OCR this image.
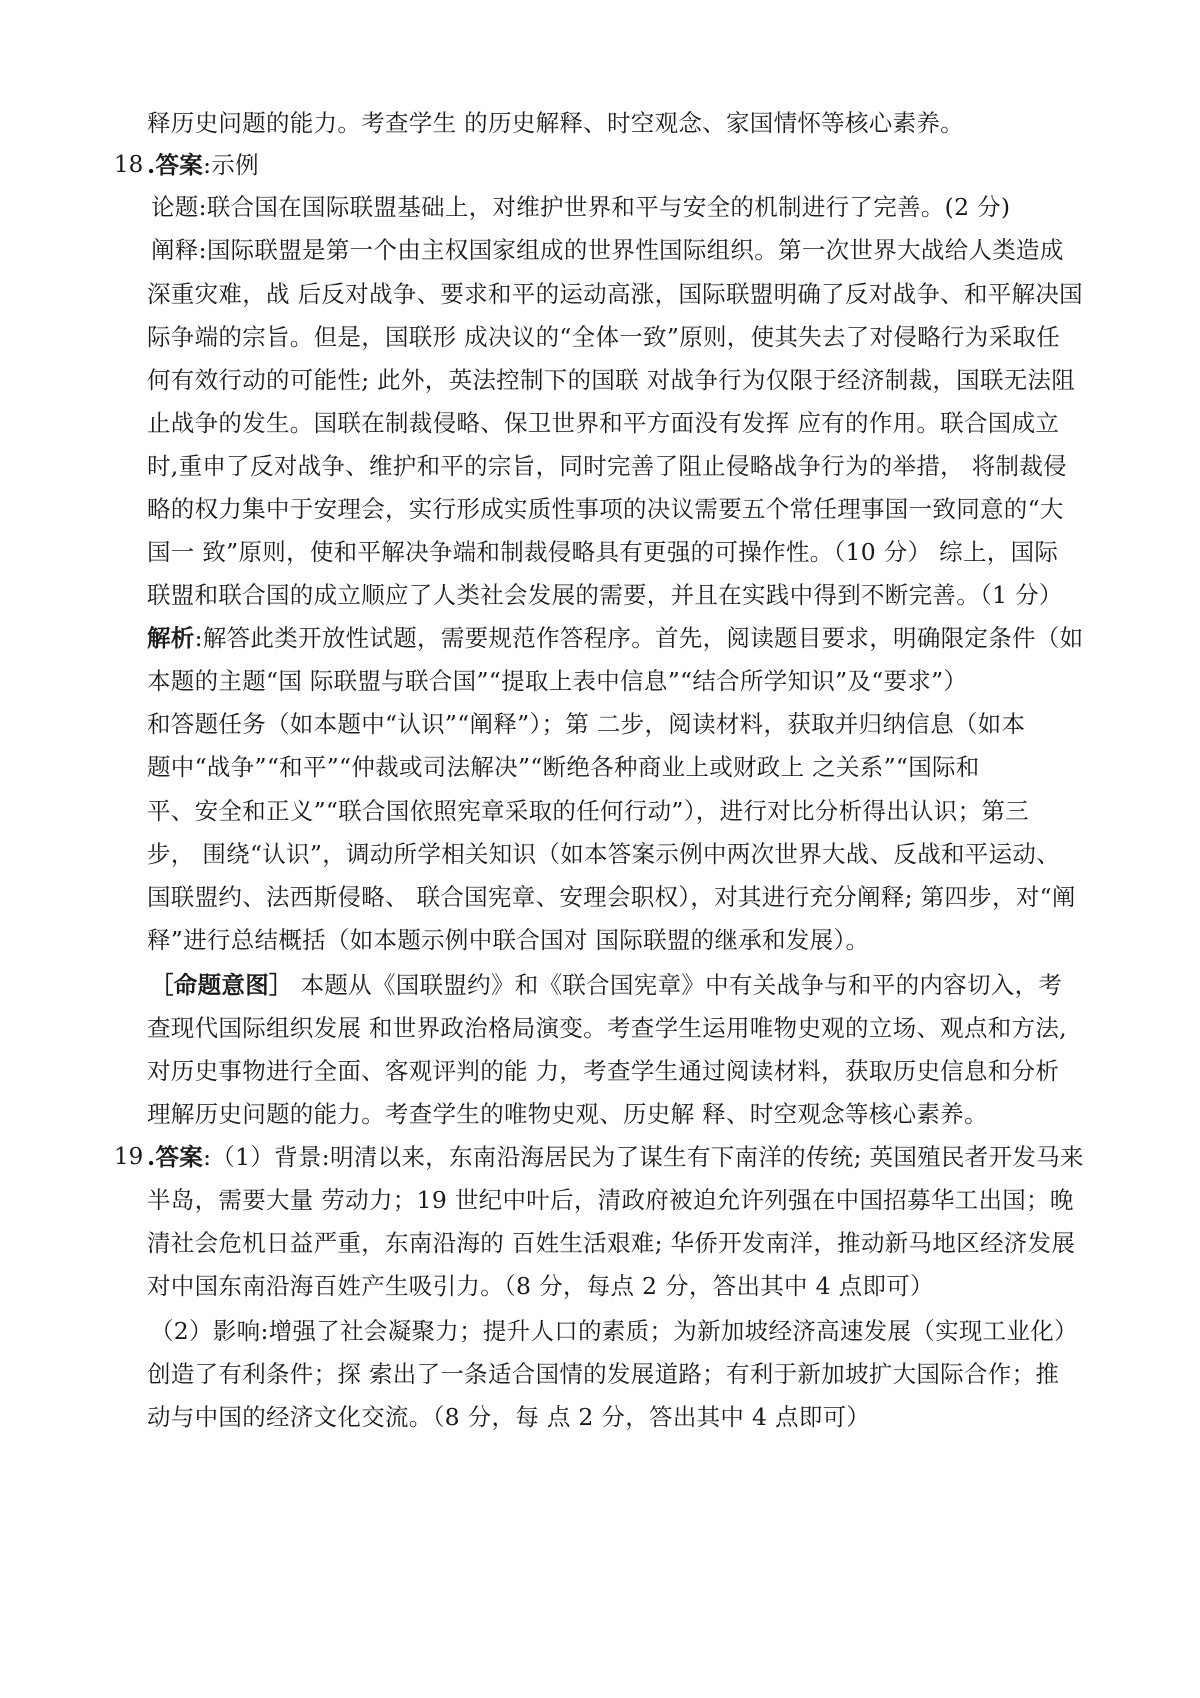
释历史问题的能力。考查学生 的历史解释、时空观念、家国情怀等核心素养。
18 .答案:示例
论题:联合国在国际联盟基础上，对维护世界和平与安全的机制进行了完善。(2 分)
阐释:国际联盟是第一个由主权国家组成的世界性国际组织。第一次世界大战给人类造成
深重灾难，战 后反对战争、要求和平的运动高涨，国际联盟明确了反对战争、和平解决国
际争端的宗旨。但是，国联形 成决议的“全体一致”原则，使其失去了对侵略行为采取任
何有效行动的可能性; 此外，英法控制下的国联 对战争行为仅限于经济制裁，国联无法阻
止战争的发生。国联在制裁侵略、保卫世界和平方面没有发挥 应有的作用。联合国成立
时,重申了反对战争、维护和平的宗旨，同时完善了阻止侵略战争行为的举措， 将制裁侵
略的权力集中于安理会，实行形成实质性事项的决议需要五个常任理事国一致同意的“大
国一 致”原则，使和平解决争端和制裁侵略具有更强的可操作性。（10 分） 综上，国际
联盟和联合国的成立顺应了人类社会发展的需要，并且在实践中得到不断完善。（1 分）
解析:解答此类开放性试题，需要规范作答程序。首先，阅读题目要求，明确限定条件（如
本题的主题“国 际联盟与联合国”“提取上表中信息”“结合所学知识”及“要求”）
和答题任务（如本题中“认识”“阐释”）；第 二步，阅读材料，获取并归纳信息（如本
题中“战争”“和平”“仲裁或司法解决”“断绝各种商业上或财政上 之关系”“国际和
平、安全和正义”“联合国依照宪章采取的任何行动”），进行对比分析得出认识；第三
步， 围绕“认识”，调动所学相关知识（如本答案示例中两次世界大战、反战和平运动、
国联盟约、法西斯侵略、 联合国宪章、安理会职权），对其进行充分阐释; 第四步，对“阐
释”进行总结概括（如本题示例中联合国对 国际联盟的继承和发展）。
［命题意图］ 本题从《国联盟约》和《联合国宪章》中有关战争与和平的内容切入，考
查现代国际组织发展 和世界政治格局演变。考查学生运用唯物史观的立场、观点和方法,
对历史事物进行全面、客观评判的能 力，考查学生通过阅读材料，获取历史信息和分析
理解历史问题的能力。考查学生的唯物史观、历史解 释、时空观念等核心素养。
19 .答案:（1）背景:明清以来，东南沿海居民为了谋生有下南洋的传统; 英国殖民者开发马来
半岛，需要大量 劳动力；19 世纪中叶后，清政府被迫允许列强在中国招募华工出国；晚
清社会危机日益严重，东南沿海的 百姓生活艰难; 华侨开发南洋，推动新马地区经济发展
对中国东南沿海百姓产生吸引力。（8 分，每点 2 分，答出其中 4 点即可）
（2）影响:增强了社会凝聚力；提升人口的素质；为新加坡经济高速发展（实现工业化）
创造了有利条件；探 索出了一条适合国情的发展道路；有利于新加坡扩大国际合作；推
动与中国的经济文化交流。（8 分，每 点 2 分，答出其中 4 点即可）
